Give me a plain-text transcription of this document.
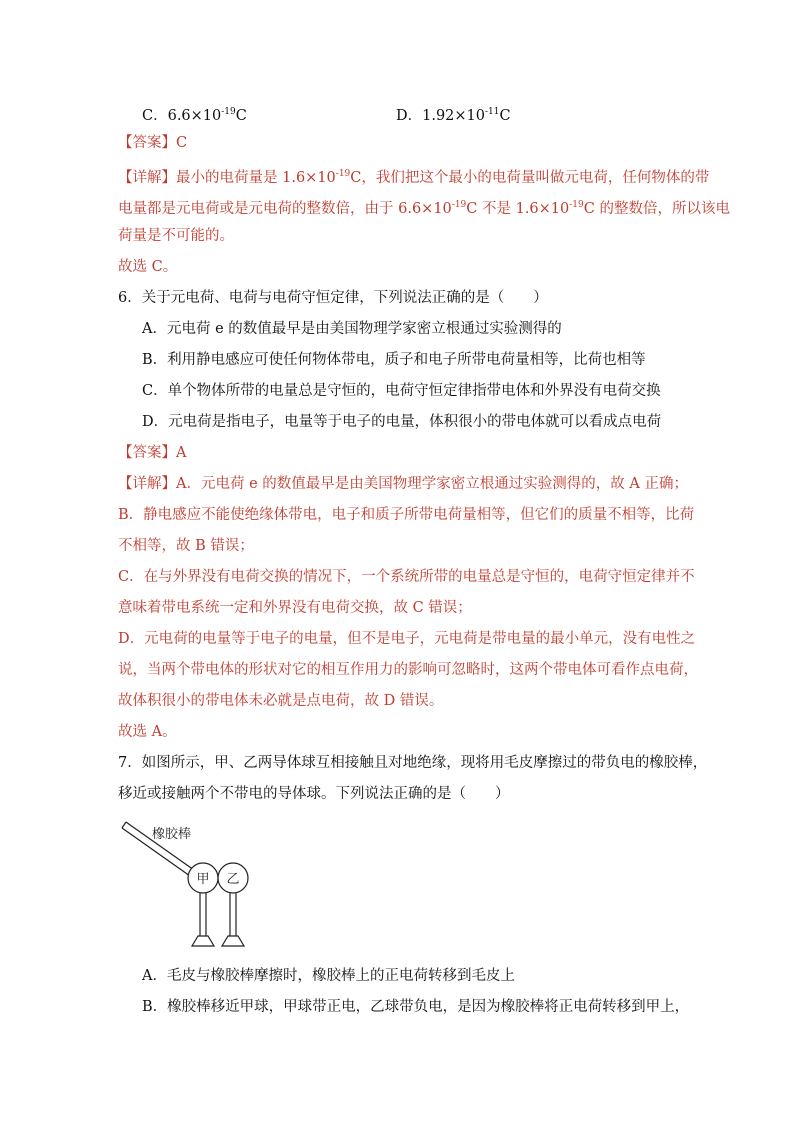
C．$6.6\times 10^{-19}C$	D．$1.92\times 10^{-11}C$
【答案】C
【详解】最小的电荷量是 $1.6\times 10^{-19}C$，我们把这个最小的电荷量叫做元电荷，任何物体的带
电量都是元电荷或是元电荷的整数倍，由于 $6.6\times 10^{-19}C$ 不是 $1.6\times 10^{-19}C$ 的整数倍，所以该电
荷量是不可能的。
故选 C。
6．关于元电荷、电荷与电荷守恒定律，下列说法正确的是（　　）
A．元电荷 e 的数值最早是由美国物理学家密立根通过实验测得的
B．利用静电感应可使任何物体带电，质子和电子所带电荷量相等，比荷也相等
C．单个物体所带的电量总是守恒的，电荷守恒定律指带电体和外界没有电荷交换
D．元电荷是指电子，电量等于电子的电量，体积很小的带电体就可以看成点电荷
【答案】A
【详解】A．元电荷 e 的数值最早是由美国物理学家密立根通过实验测得的，故 A 正确；
B．静电感应不能使绝缘体带电，电子和质子所带电荷量相等，但它们的质量不相等，比荷
不相等，故 B 错误；
C．在与外界没有电荷交换的情况下，一个系统所带的电量总是守恒的，电荷守恒定律并不
意味着带电系统一定和外界没有电荷交换，故 C 错误；
D．元电荷的电量等于电子的电量，但不是电子，元电荷是带电量的最小单元，没有电性之
说，当两个带电体的形状对它的相互作用力的影响可忽略时，这两个带电体可看作点电荷，
故体积很小的带电体未必就是点电荷，故 D 错误。
故选 A。
7．如图所示，甲、乙两导体球互相接触且对地绝缘，现将用毛皮摩擦过的带负电的橡胶棒，
移近或接触两个不带电的导体球。下列说法正确的是（　　）
橡胶棒
甲 乙
A．毛皮与橡胶棒摩擦时，橡胶棒上的正电荷转移到毛皮上
B．橡胶棒移近甲球，甲球带正电，乙球带负电，是因为橡胶棒将正电荷转移到甲上，
